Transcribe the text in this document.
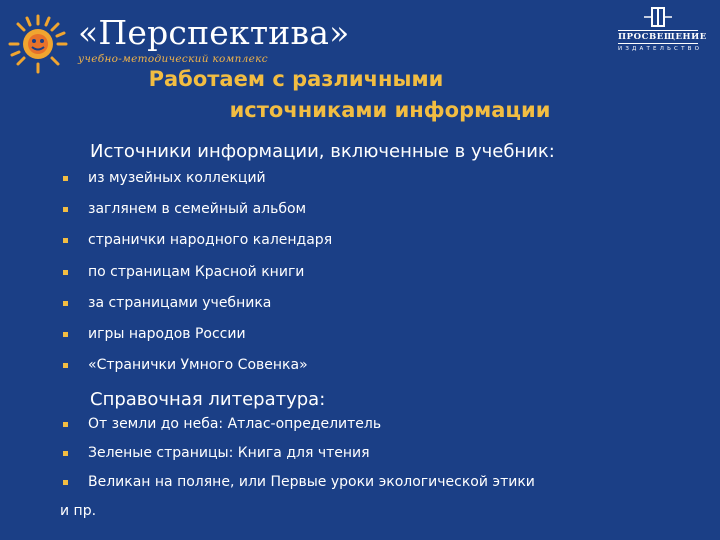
«Перспектива»
учебно-методический комплекс
ПРОСВЕЩЕНИЕ
ИЗДАТЕЛЬСТВО
Работаем с различными
источниками информации
Источники информации, включенные в учебник:
из музейных коллекций
заглянем в семейный альбом
странички народного календаря
по страницам Красной книги
за страницами учебника
игры народов России
«Странички Умного Совенка»
Справочная литература:
От земли до неба: Атлас-определитель
Зеленые страницы: Книга для чтения
Великан на поляне, или Первые уроки экологической этики
и пр.
